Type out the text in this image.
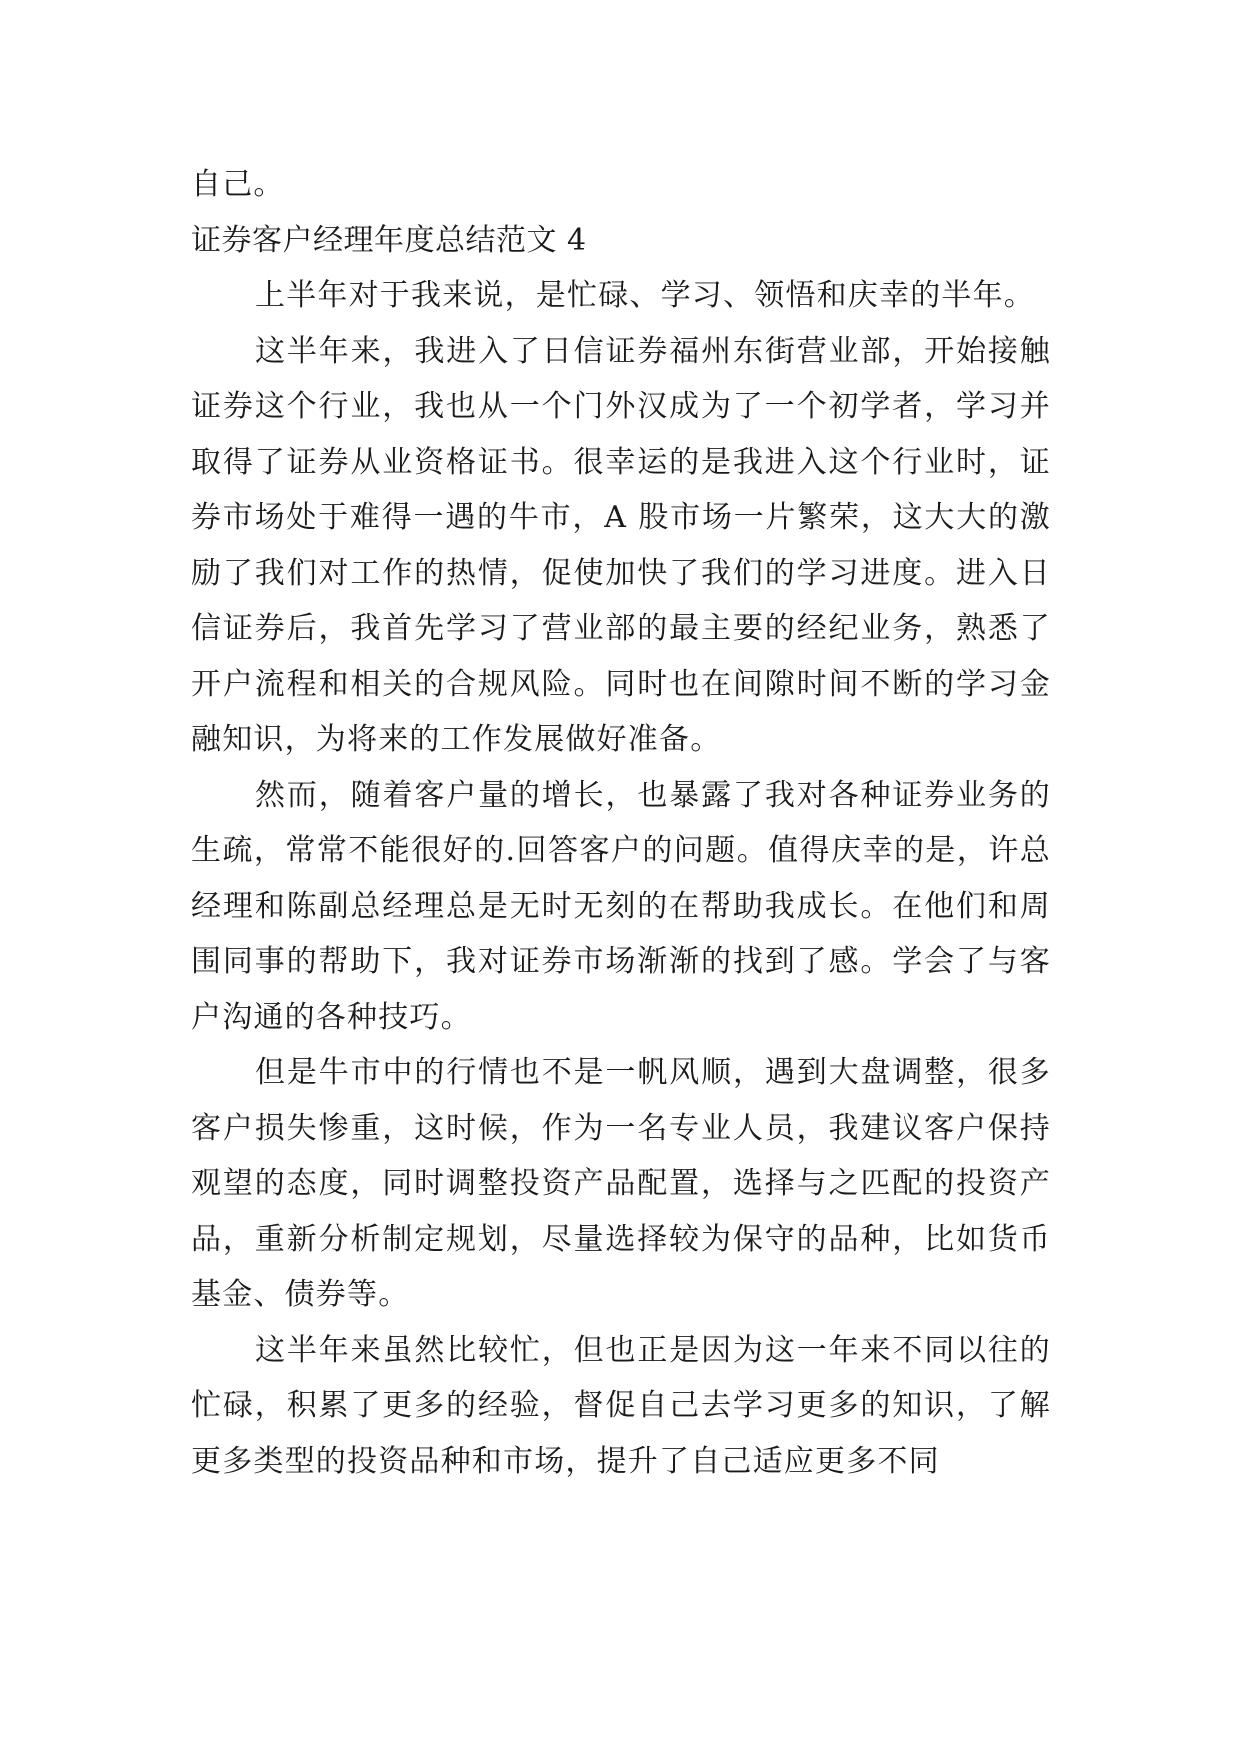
自己。

证券客户经理年度总结范文 4

上半年对于我来说，是忙碌、学习、领悟和庆幸的半年。

这半年来，我进入了日信证券福州东街营业部，开始接触证券这个行业，我也从一个门外汉成为了一个初学者，学习并取得了证券从业资格证书。很幸运的是我进入这个行业时，证券市场处于难得一遇的牛市，A 股市场一片繁荣，这大大的激励了我们对工作的热情，促使加快了我们的学习进度。进入日信证券后，我首先学习了营业部的最主要的经纪业务，熟悉了开户流程和相关的合规风险。同时也在间隙时间不断的学习金融知识，为将来的工作发展做好准备。

然而，随着客户量的增长，也暴露了我对各种证券业务的生疏，常常不能很好的.回答客户的问题。值得庆幸的是，许总经理和陈副总经理总是无时无刻的在帮助我成长。在他们和周围同事的帮助下，我对证券市场渐渐的找到了感。学会了与客户沟通的各种技巧。

但是牛市中的行情也不是一帆风顺，遇到大盘调整，很多客户损失惨重，这时候，作为一名专业人员，我建议客户保持观望的态度，同时调整投资产品配置，选择与之匹配的投资产品，重新分析制定规划，尽量选择较为保守的品种，比如货币基金、债券等。

这半年来虽然比较忙，但也正是因为这一年来不同以往的忙碌，积累了更多的经验，督促自己去学习更多的知识，了解更多类型的投资品种和市场，提升了自己适应更多不同
